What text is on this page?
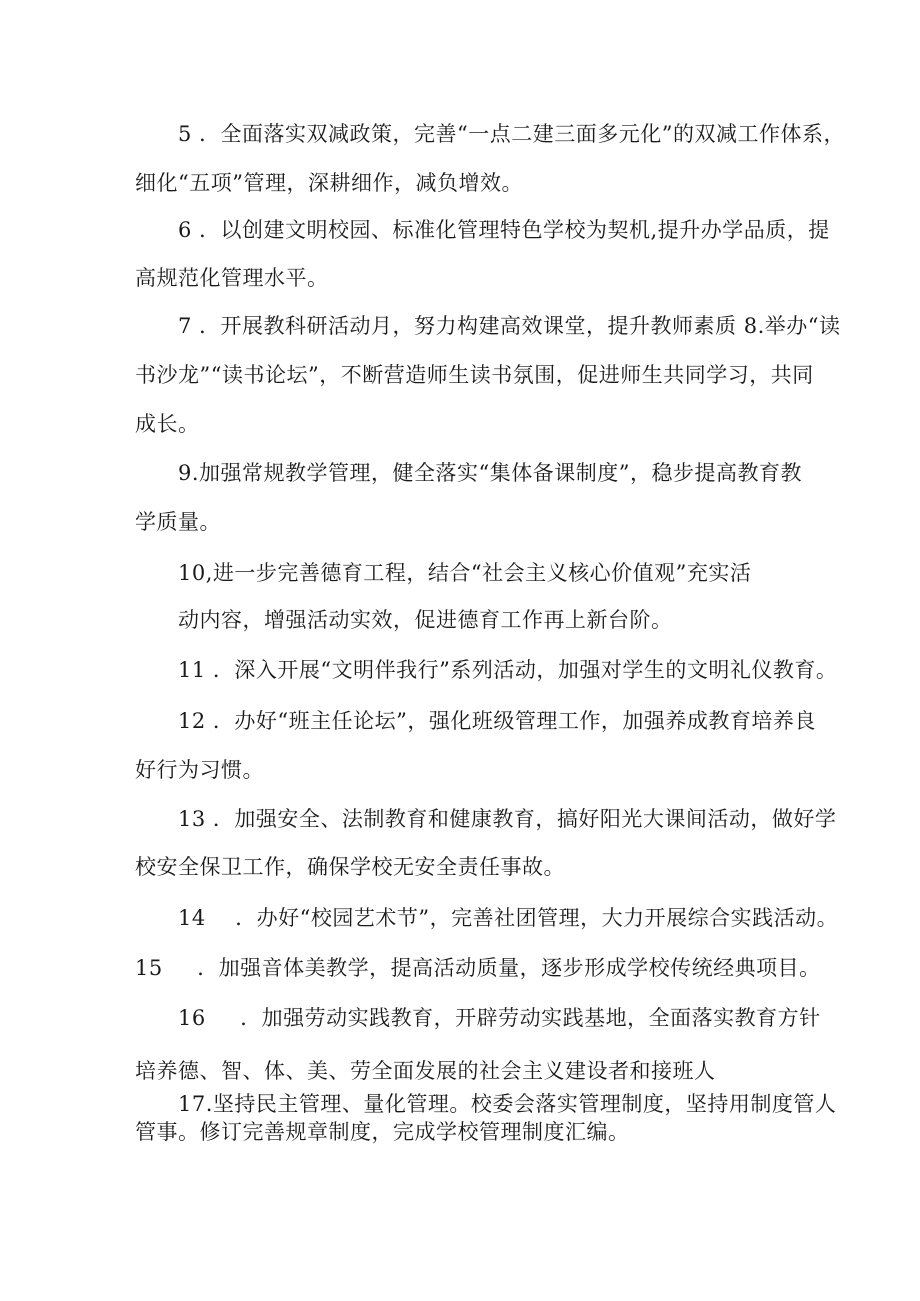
5 ．全面落实双减政策，完善“一点二建三面多元化”的双减工作体系，
细化“五项”管理，深耕细作，减负增效。
6 ．以创建文明校园、标准化管理特色学校为契机,提升办学品质，提
高规范化管理水平。
7 ．开展教科研活动月，努力构建高效课堂，提升教师素质 8.举办“读
书沙龙”“读书论坛”，不断营造师生读书氛围，促进师生共同学习，共同
成长。
9.加强常规教学管理，健全落实“集体备课制度”，稳步提高教育教
学质量。
10,进一步完善德育工程，结合“社会主义核心价值观”充实活
动内容，增强活动实效，促进德育工作再上新台阶。
11 ．深入开展“文明伴我行”系列活动，加强对学生的文明礼仪教育。
12 ．办好“班主任论坛”，强化班级管理工作，加强养成教育培养良
好行为习惯。
13 ．加强安全、法制教育和健康教育，搞好阳光大课间活动，做好学
校安全保卫工作，确保学校无安全责任事故。
14 ．办好“校园艺术节”，完善社团管理，大力开展综合实践活动。
15 ．加强音体美教学，提高活动质量，逐步形成学校传统经典项目。
16 ．加强劳动实践教育，开辟劳动实践基地，全面落实教育方针
培养德、智、体、美、劳全面发展的社会主义建设者和接班人
17.坚持民主管理、量化管理。校委会落实管理制度，坚持用制度管人
管事。修订完善规章制度，完成学校管理制度汇编。
